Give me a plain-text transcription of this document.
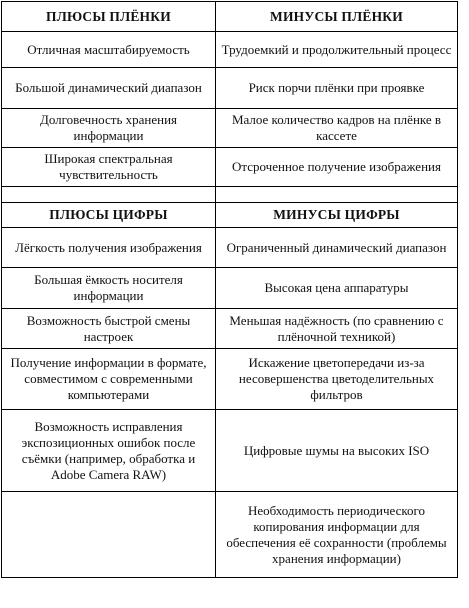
ПЛЮСЫ ПЛЁНКИ	МИНУСЫ ПЛЁНКИ
Отличная масштабируемость	Трудоемкий и продолжительный процесс
Большой динамический диапазон	Риск порчи плёнки при проявке
Долговечность хранения информации	Малое количество кадров на плёнке в кассете
Широкая спектральная чувствительность	Отсроченное получение изображения

ПЛЮСЫ ЦИФРЫ	МИНУСЫ ЦИФРЫ
Лёгкость получения изображения	Ограниченный динамический диапазон
Большая ёмкость носителя информации	Высокая цена аппаратуры
Возможность быстрой смены настроек	Меньшая надёжность (по сравнению с плёночной техникой)
Получение информации в формате, совместимом с современными компьютерами	Искажение цветопередачи из-за несовершенства цветоделительных фильтров
Возможность исправления экспозиционных ошибок после съёмки (например, обработка и Adobe Camera RAW)	Цифровые шумы на высоких ISO
	Необходимость периодического копирования информации для обеспечения её сохранности (проблемы хранения информации)
